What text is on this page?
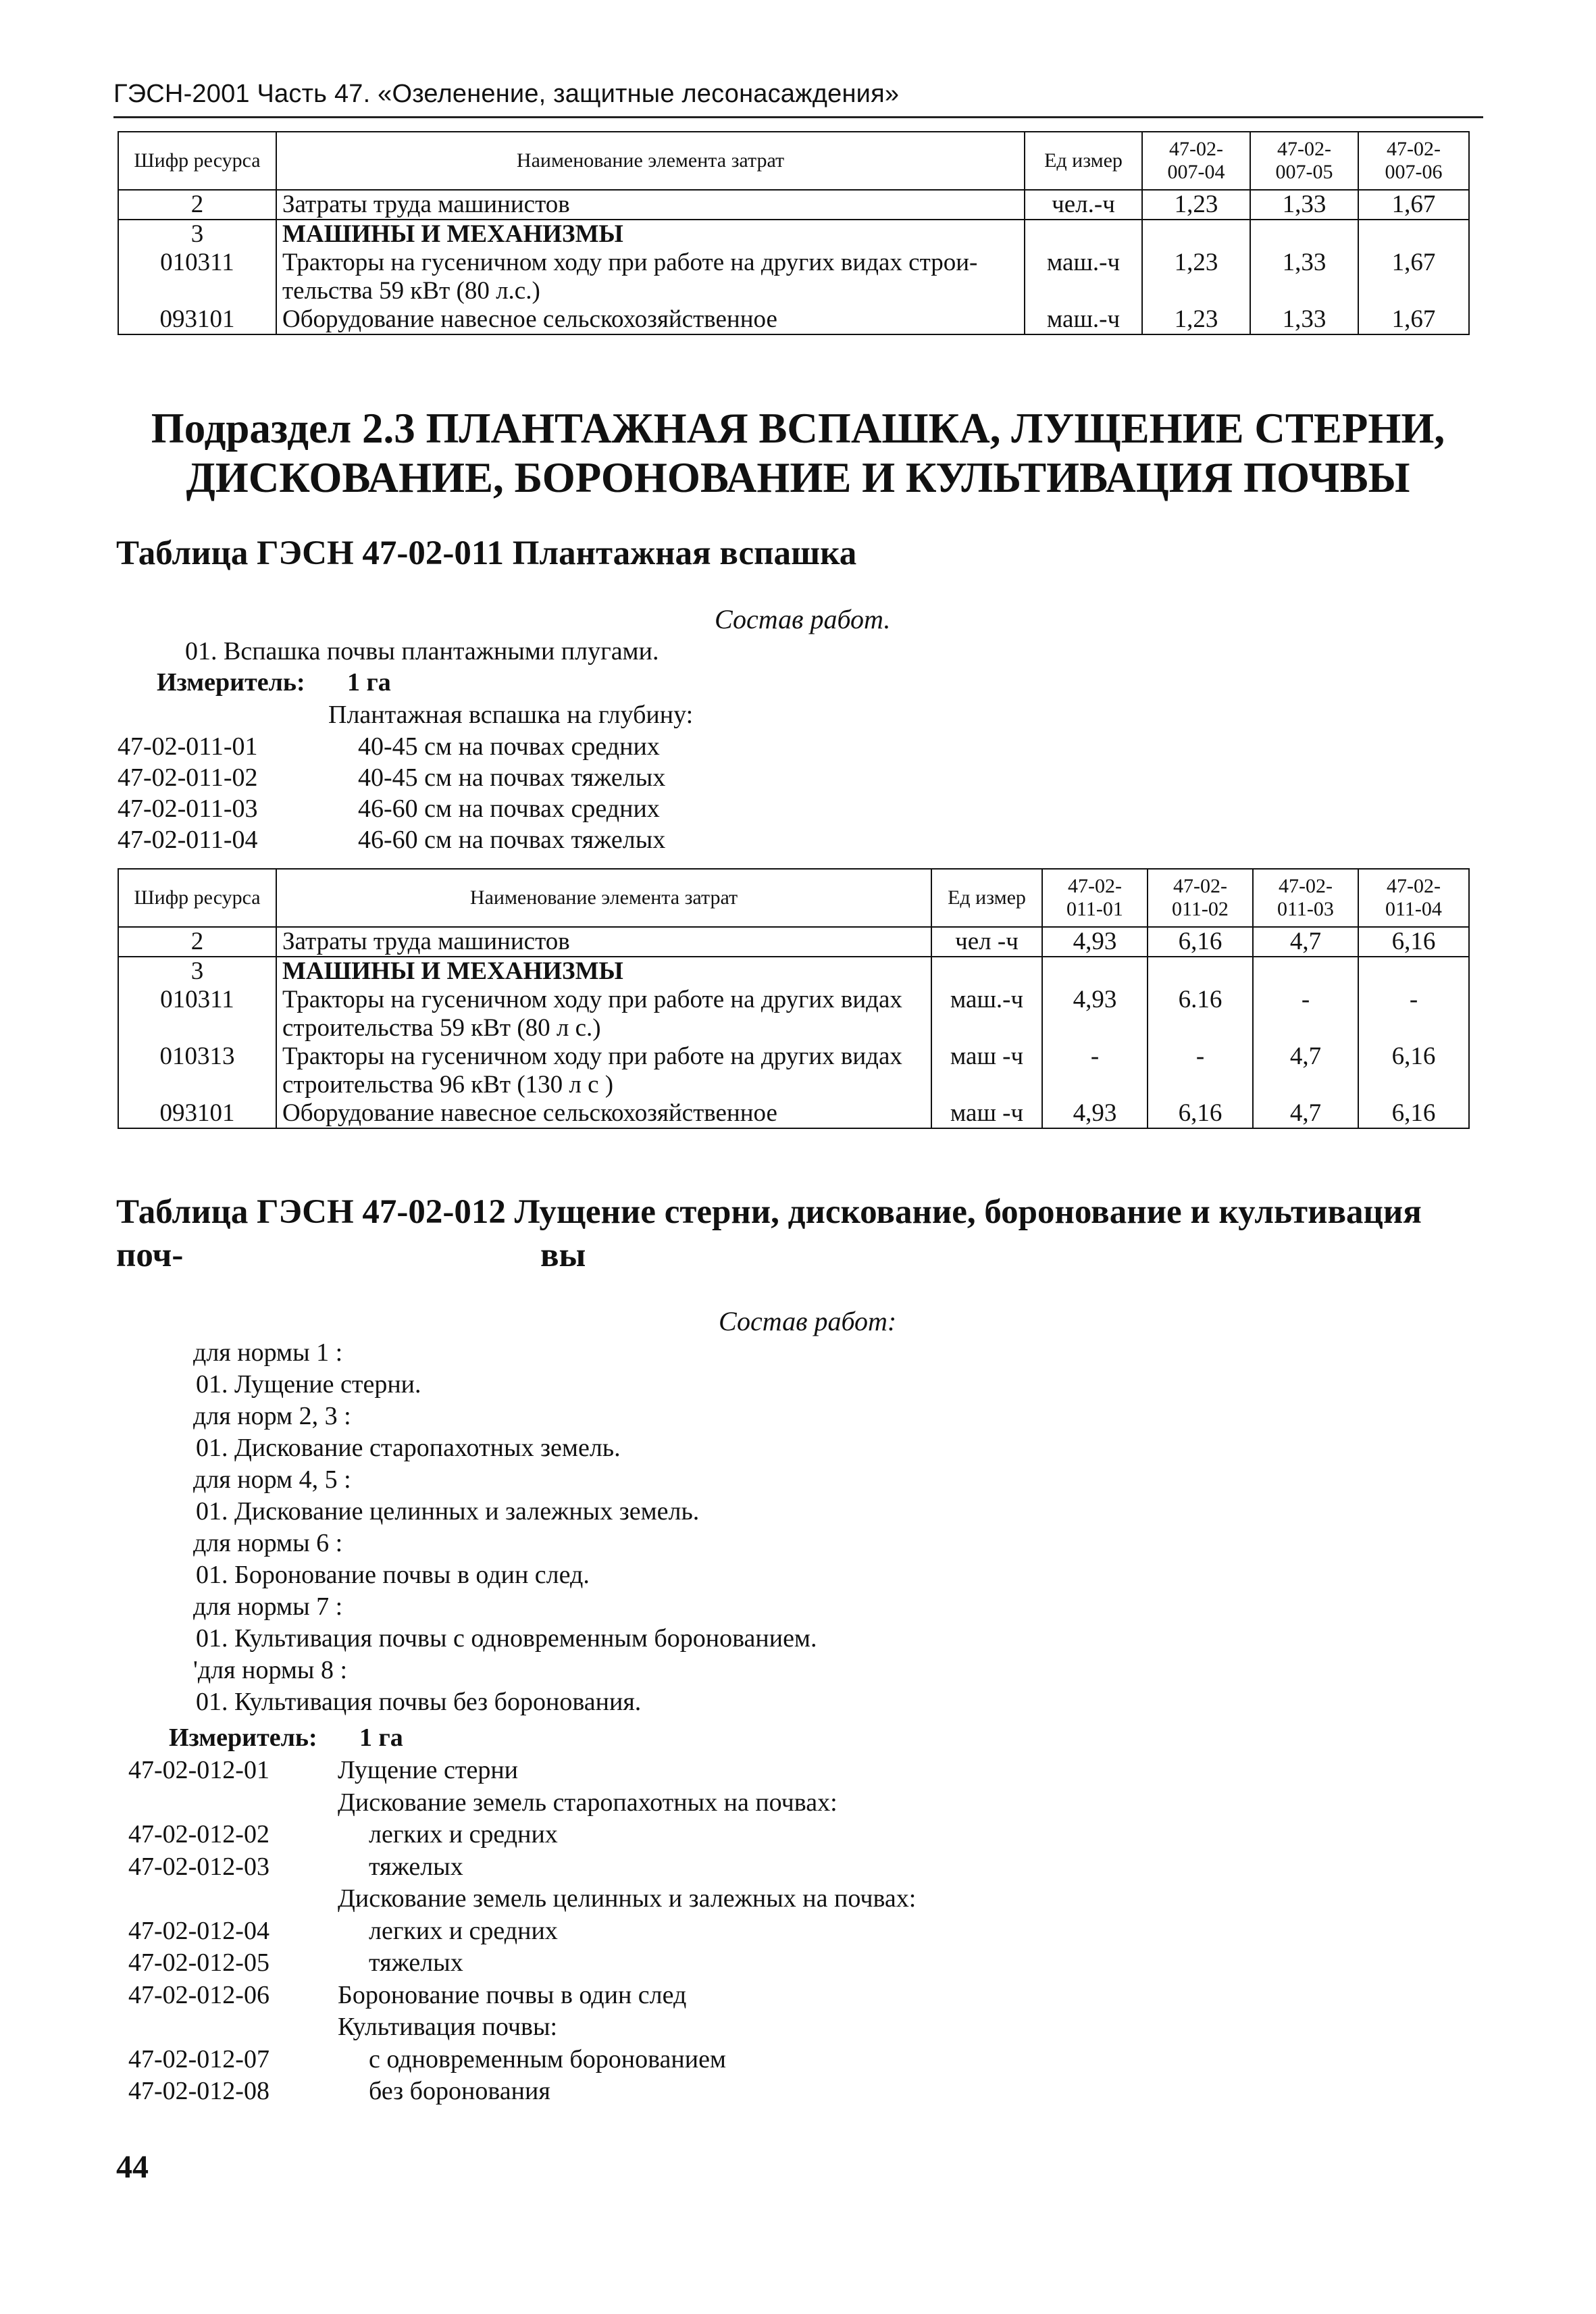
ГЭСН-2001 Часть 47. «Озеленение, защитные лесонасаждения»
Шифр ресурса	Наименование элемента затрат	Ед измер	47-02-
007-04	47-02-
007-05	47-02-
007-06
2	Затраты труда машинистов	чел.-ч	1,23	1,33	1,67
3	МАШИНЫ И МЕХАНИЗМЫ				
010311	Тракторы на гусеничном ходу при работе на других видах строи-
тельства 59 кВт (80 л.с.)	маш.-ч	1,23	1,33	1,67
093101	Оборудование навесное сельскохозяйственное	маш.-ч	1,23	1,33	1,67
Подраздел 2.3 ПЛАНТАЖНАЯ ВСПАШКА, ЛУЩЕНИЕ СТЕРНИ,
ДИСКОВАНИЕ, БОРОНОВАНИЕ И КУЛЬТИВАЦИЯ ПОЧВЫ
Таблица ГЭСН 47-02-011 Плантажная вспашка
Состав работ.
01. Вспашка почвы плантажными плугами.
Измеритель: 1 га
Плантажная вспашка на глубину:
47-02-011-01	40-45 см на почвах средних
47-02-011-02	40-45 см на почвах тяжелых
47-02-011-03	46-60 см на почвах средних
47-02-011-04	46-60 см на почвах тяжелых
Шифр ресурса	Наименование элемента затрат	Ед измер	47-02-
011-01	47-02-
011-02	47-02-
011-03	47-02-
011-04
2	Затраты труда машинистов	чел -ч	4,93	6,16	4,7	6,16
3	МАШИНЫ И МЕХАНИЗМЫ					
010311	Тракторы на гусеничном ходу при работе на других видах
строительства 59 кВт (80 л с.)	маш.-ч	4,93	6.16	-	-
010313	Тракторы на гусеничном ходу при работе на других видах
строительства 96 кВт (130 л с )	маш -ч	-	-	4,7	6,16
093101	Оборудование навесное сельскохозяйственное	маш -ч	4,93	6,16	4,7	6,16
Таблица ГЭСН 47-02-012 Лущение стерни, дискование, боронование и культивация поч-	вы
Состав работ:
для нормы 1 :
01. Лущение стерни.
для норм 2, 3 :
01. Дискование старопахотных земель.
для норм 4, 5 :
01. Дискование целинных и залежных земель.
для нормы 6 :
01. Боронование почвы в один след.
для нормы 7 :
01. Культивация почвы с одновременным боронованием.
'для нормы 8 :
01. Культивация почвы без боронования.
Измеритель: 1 га
47-02-012-01	Лущение стерни
Дискование земель старопахотных на почвах:
47-02-012-02	легких и средних
47-02-012-03	тяжелых
Дискование земель целинных и залежных на почвах:
47-02-012-04	легких и средних
47-02-012-05	тяжелых
47-02-012-06	Боронование почвы в один след
Культивация почвы:
47-02-012-07	с одновременным боронованием
47-02-012-08	без боронования
44
